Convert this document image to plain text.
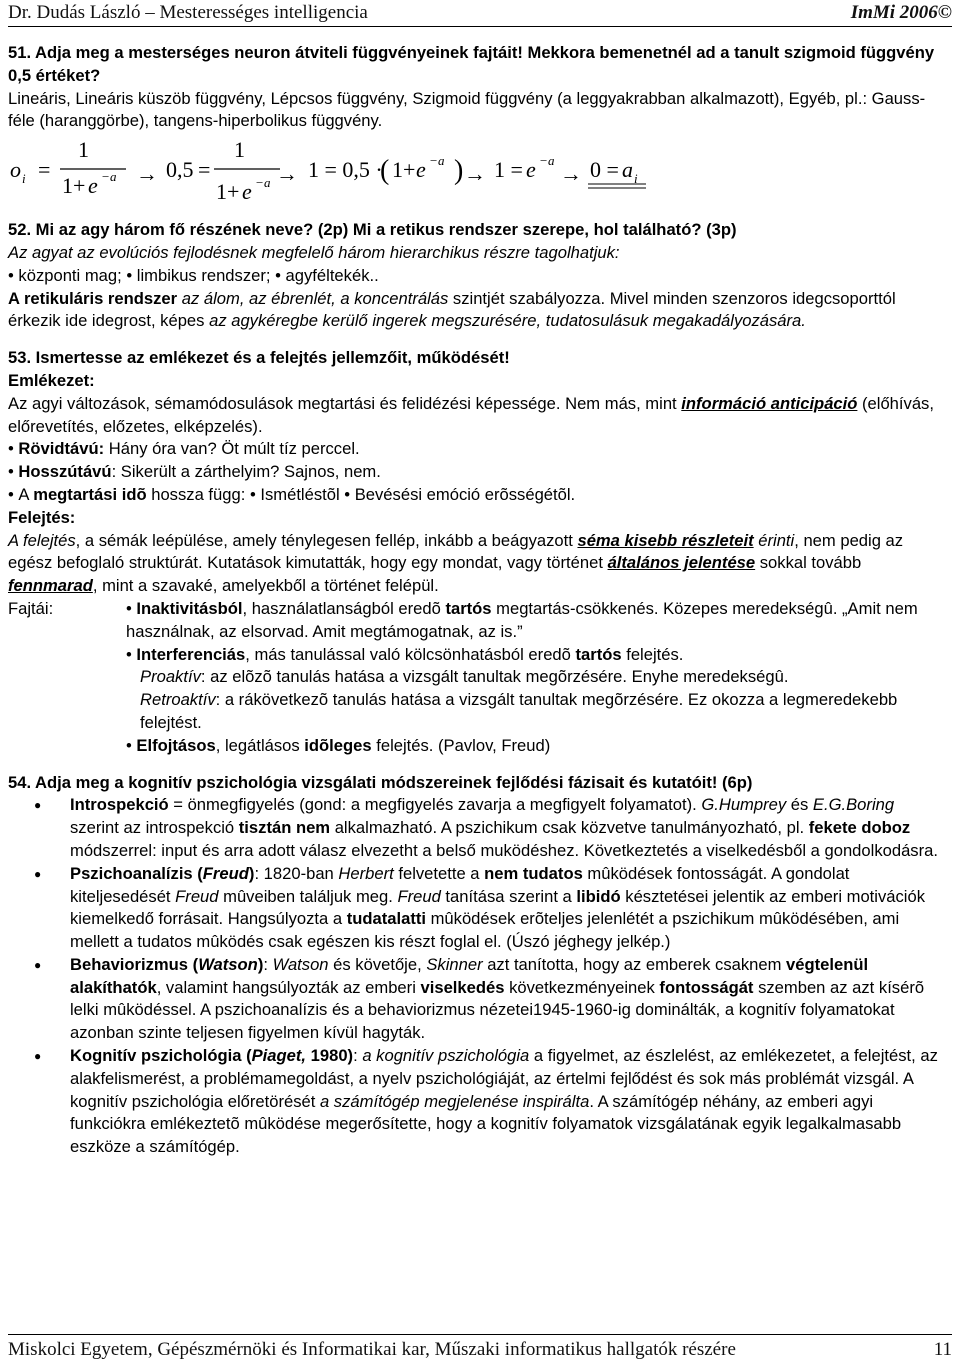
Dr. Dudás László – Mesterességes intelligencia	ImMi 2006©

51. Adja meg a mesterséges neuron átviteli függvényeinek fajtáit! Mekkora bemenetnél ad a tanult szigmoid függvény 0,5 értéket?

Lineáris, Lineáris küszöb függvény, Lépcsos függvény, Szigmoid függvény (a leggyakrabban alkalmazott), Egyéb, pl.: Gauss-féle (haranggörbe), tangens-hiperbolikus függvény.

o i =
1
1+ e − a → 0,5 =
1
1+ e − a → 1 = 0,5 ·
( 1+ e − a ) → 1 = e − a
→ 0 = a i

52. Mi az agy három fő részének neve? (2p) Mi a retikus rendszer szerepe, hol található? (3p)

Az agyat az evolúciós fejlodésnek megfelelő három hierarchikus részre tagolhatjuk:

• központi mag; • limbikus rendszer; • agyféltekék..

A retikuláris rendszer az álom, az ébrenlét, a koncentrálás szintjét szabályozza. Mivel minden szenzoros idegcsoporttól érkezik ide idegrost, képes az agykéregbe kerülő ingerek megszurésére, tudatosulásuk megakadályozására.

53. Ismertesse az emlékezet és a felejtés jellemzőit, működését!

Emlékezet:

Az agyi változások, sémamódosulások megtartási és felidézési képessége. Nem más, mint információ anticipáció (előhívás, előrevetítés, előzetes, elképzelés).

• Rövidtávú: Hány óra van? Öt múlt tíz perccel.

• Hosszútávú: Sikerült a zárthelyim? Sajnos, nem.

• A megtartási idõ hossza függ: • Ismétléstõl • Bevésési emóció erõsségétõl.

Felejtés:

A felejtés, a sémák leépülése, amely ténylegesen fellép, inkább a beágyazott séma kisebb részleteit érinti, nem pedig az egész befoglaló struktúrát. Kutatások kimutatták, hogy egy mondat, vagy történet általános jelentése sokkal tovább fennmarad, mint a szavaké, amelyekből a történet felépül.

Fajtái:	• Inaktivitásból, használatlanságból eredõ tartós megtartás-csökkenés. Közepes meredekségû. „Amit nem használnak, az elsorvad. Amit megtámogatnak, az is.”

• Interferenciás, más tanulással való kölcsönhatásból eredõ tartós felejtés.

Proaktív: az elõzõ tanulás hatása a vizsgált tanultak megõrzésére. Enyhe meredekségû.

Retroaktív: a rákövetkezõ tanulás hatása a vizsgált tanultak megõrzésére. Ez okozza a legmeredekebb felejtést.

• Elfojtásos, legátlásos idõleges felejtés. (Pavlov, Freud)

54. Adja meg a kognitív pszichológia vizsgálati módszereinek fejlődési fázisait és kutatóit! (6p)

● Introspekció = önmegfigyelés (gond: a megfigyelés zavarja a megfigyelt folyamatot). G.Humprey és E.G.Boring szerint az introspekció tisztán nem alkalmazható. A pszichikum csak közvetve tanulmányozható, pl. fekete doboz módszerrel: input és arra adott válasz elvezetht a belső muködéshez. Következtetés a viselkedésből a gondolkodásra.
● Pszichoanalízis (Freud): 1820-ban Herbert felvetette a nem tudatos mûködések fontosságát. A gondolat kiteljesedését Freud mûveiben találjuk meg. Freud tanítása szerint a libidó késztetései jelentik az emberi motivációk kiemelkedő forrásait. Hangsúlyozta a tudatalatti mûködések erõteljes jelenlétét a pszichikum mûködésében, ami mellett a tudatos mûködés csak egészen kis részt foglal el. (Úszó jéghegy jelkép.)
● Behaviorizmus (Watson): Watson és követője, Skinner azt tanította, hogy az emberek csaknem végtelenül alakíthatók, valamint hangsúlyozták az emberi viselkedés következményeinek fontosságát szemben az azt kísérõ lelki mûködéssel. A pszichoanalízis és a behaviorizmus nézetei1945-1960-ig dominálták, a kognitív folyamatokat azonban szinte teljesen figyelmen kívül hagyták.
● Kognitív pszichológia (Piaget, 1980): a kognitív pszichológia a figyelmet, az észlelést, az emlékezetet, a felejtést, az alakfelismerést, a problémamegoldást, a nyelv pszichológiáját, az értelmi fejlődést és sok más problémát vizsgál. A kognitív pszichológia előretörését a számítógép megjelenése inspirálta. A számítógép néhány, az emberi agyi funkciókra emlékeztetõ mûködése megerősítette, hogy a kognitív folyamatok vizsgálatának egyik legalkalmasabb eszköze a számítógép.
Miskolci Egyetem, Gépészmérnöki és Informatikai kar, Műszaki informatikus hallgatók részére	11
